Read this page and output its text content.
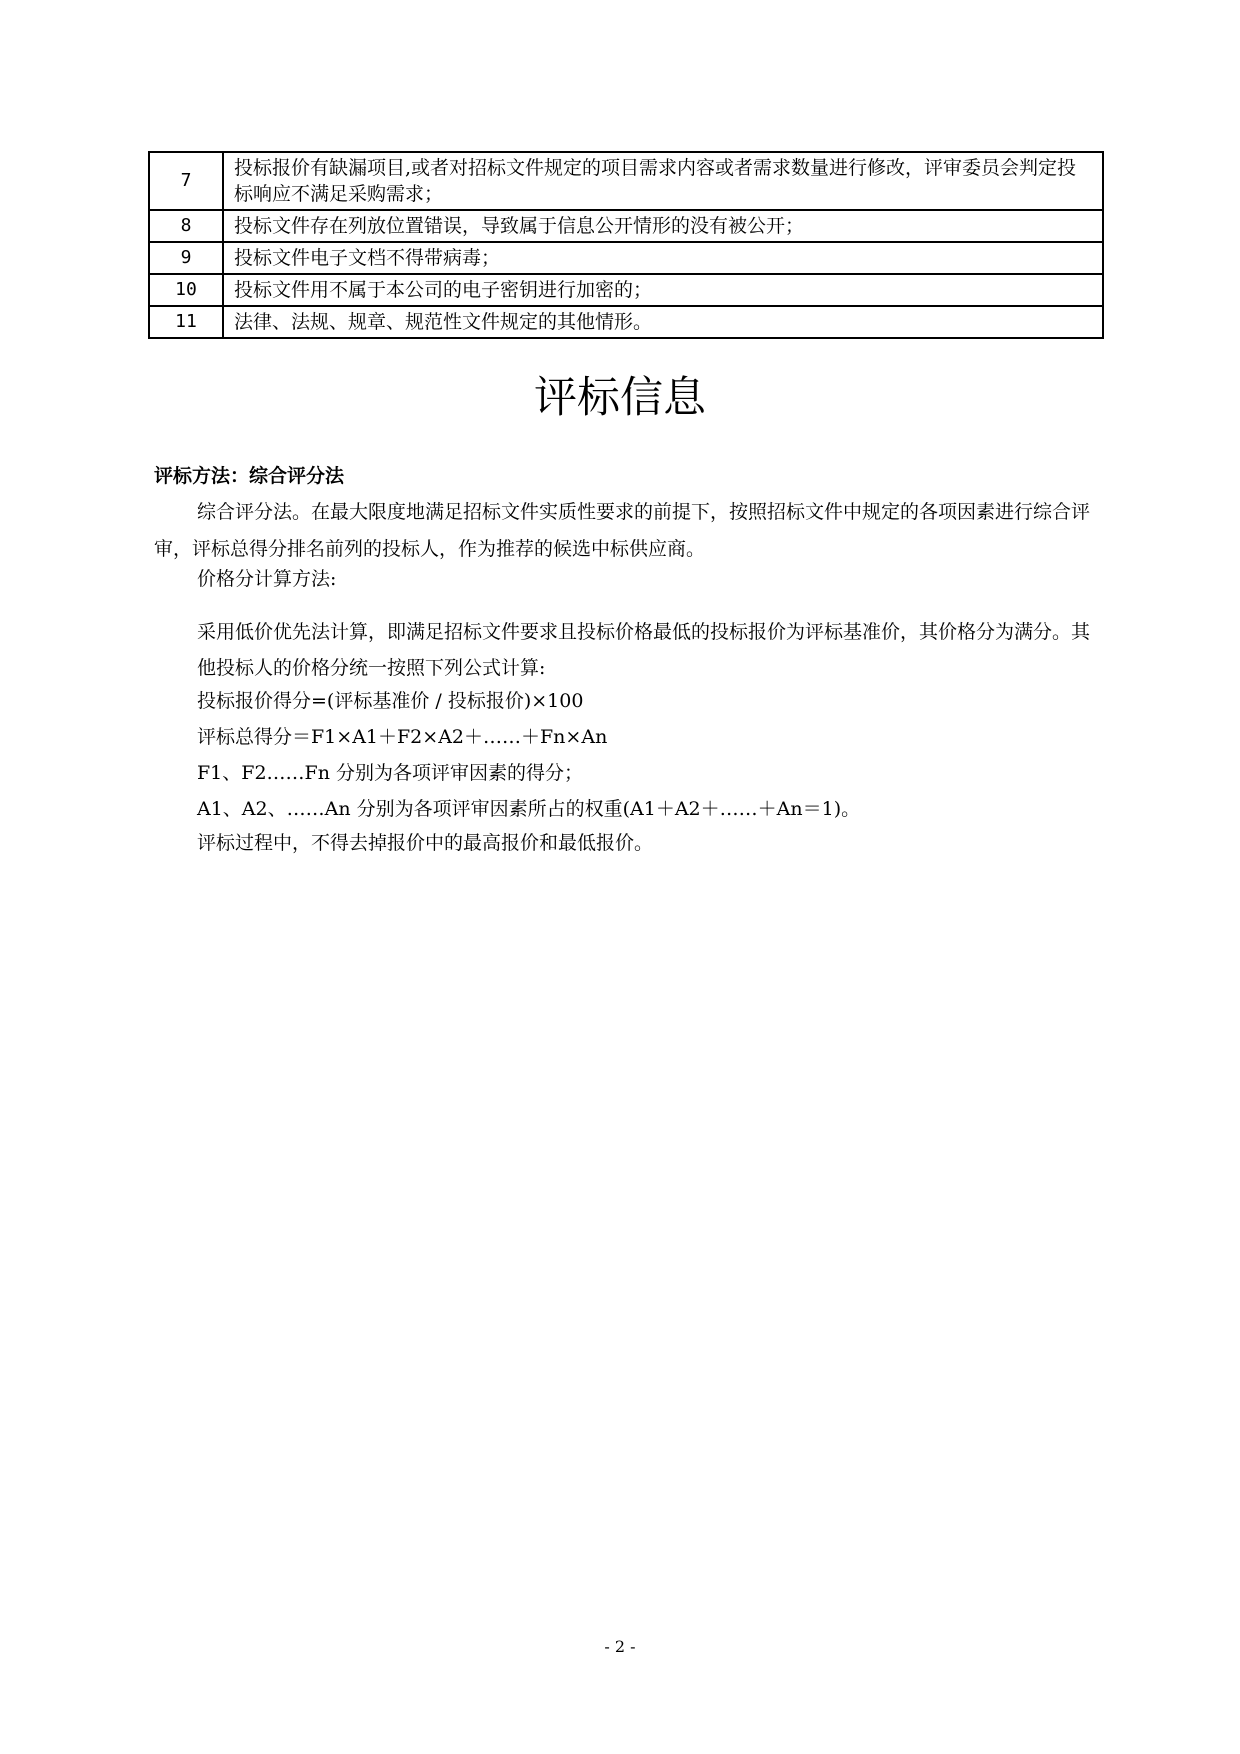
7	投标报价有缺漏项目,或者对招标文件规定的项目需求内容或者需求数量进行修改，评审委员会判定投标响应不满足采购需求；
8	投标文件存在列放位置错误，导致属于信息公开情形的没有被公开；
9	投标文件电子文档不得带病毒；
10	投标文件用不属于本公司的电子密钥进行加密的；
11	法律、法规、规章、规范性文件规定的其他情形。
评标信息
评标方法：综合评分法
综合评分法。在最大限度地满足招标文件实质性要求的前提下，按照招标文件中规定的各项因素进行综合评审，评标总得分排名前列的投标人，作为推荐的候选中标供应商。
价格分计算方法:
采用低价优先法计算，即满足招标文件要求且投标价格最低的投标报价为评标基准价，其价格分为满分。其他投标人的价格分统一按照下列公式计算:
投标报价得分=(评标基准价 / 投标报价)×100
评标总得分＝F1×A1＋F2×A2＋……＋Fn×An
F1、F2……Fn 分别为各项评审因素的得分；
A1、A2、……An 分别为各项评审因素所占的权重(A1＋A2＋……＋An＝1)。
评标过程中，不得去掉报价中的最高报价和最低报价。
- 2 -
